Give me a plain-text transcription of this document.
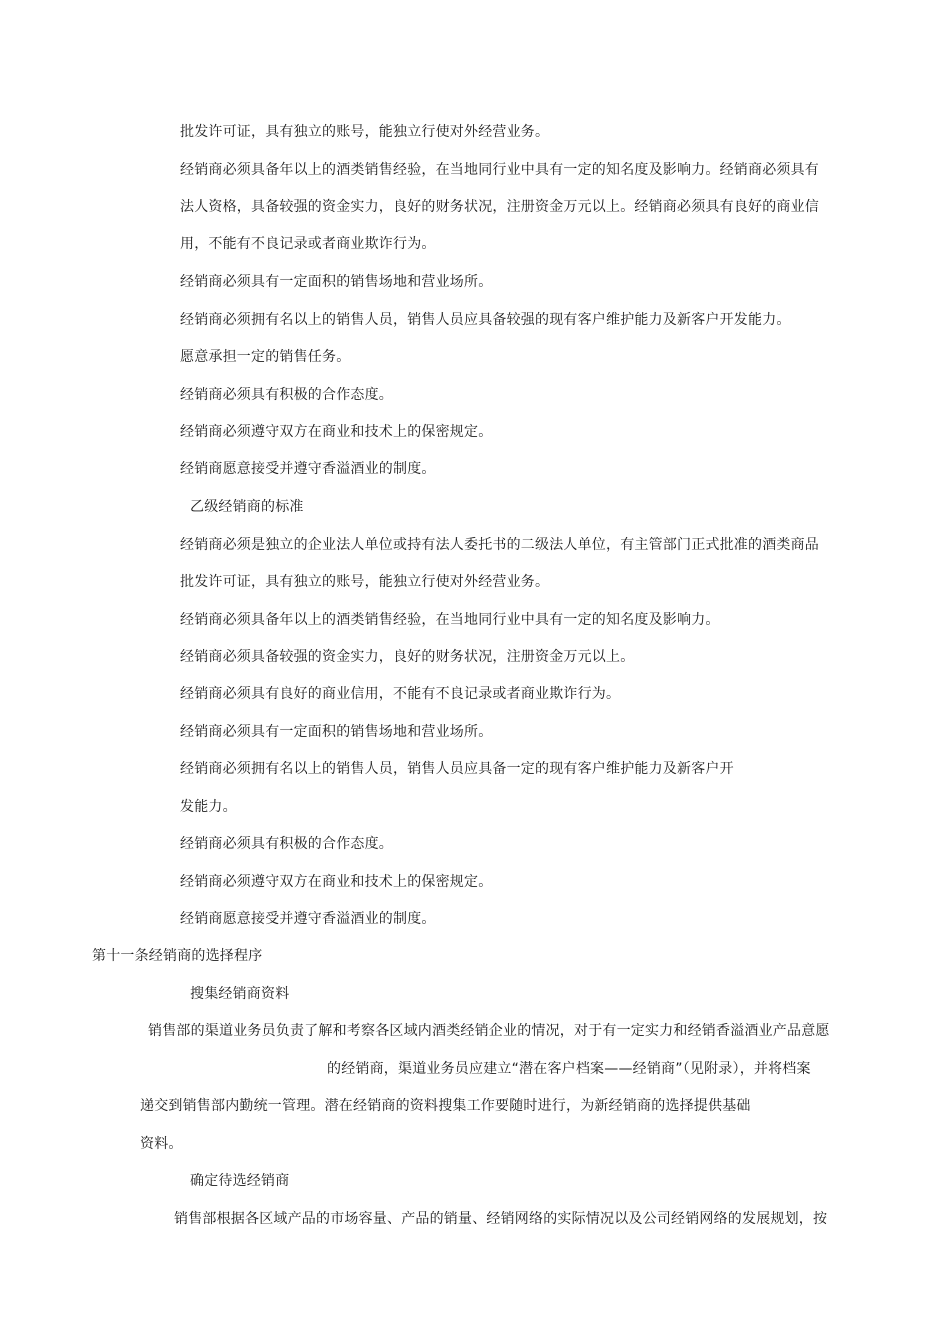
批发许可证，具有独立的账号，能独立行使对外经营业务。
经销商必须具备年以上的酒类销售经验，在当地同行业中具有一定的知名度及影响力。经销商必须具有
法人资格，具备较强的资金实力，良好的财务状况，注册资金万元以上。经销商必须具有良好的商业信
用，不能有不良记录或者商业欺诈行为。
经销商必须具有一定面积的销售场地和营业场所。
经销商必须拥有名以上的销售人员，销售人员应具备较强的现有客户维护能力及新客户开发能力。
愿意承担一定的销售任务。
经销商必须具有积极的合作态度。
经销商必须遵守双方在商业和技术上的保密规定。
经销商愿意接受并遵守香溢酒业的制度。
乙级经销商的标准
经销商必须是独立的企业法人单位或持有法人委托书的二级法人单位，有主管部门正式批准的酒类商品
批发许可证，具有独立的账号，能独立行使对外经营业务。
经销商必须具备年以上的酒类销售经验，在当地同行业中具有一定的知名度及影响力。
经销商必须具备较强的资金实力，良好的财务状况，注册资金万元以上。
经销商必须具有良好的商业信用，不能有不良记录或者商业欺诈行为。
经销商必须具有一定面积的销售场地和营业场所。
经销商必须拥有名以上的销售人员，销售人员应具备一定的现有客户维护能力及新客户开
发能力。
经销商必须具有积极的合作态度。
经销商必须遵守双方在商业和技术上的保密规定。
经销商愿意接受并遵守香溢酒业的制度。
第十一条经销商的选择程序
搜集经销商资料
销售部的渠道业务员负责了解和考察各区域内酒类经销企业的情况，对于有一定实力和经销香溢酒业产品意愿
的经销商，渠道业务员应建立“潜在客户档案——经销商”（见附录），并将档案
递交到销售部内勤统一管理。潜在经销商的资料搜集工作要随时进行，为新经销商的选择提供基础
资料。
确定待选经销商
销售部根据各区域产品的市场容量、产品的销量、经销网络的实际情况以及公司经销网络的发展规划，按
